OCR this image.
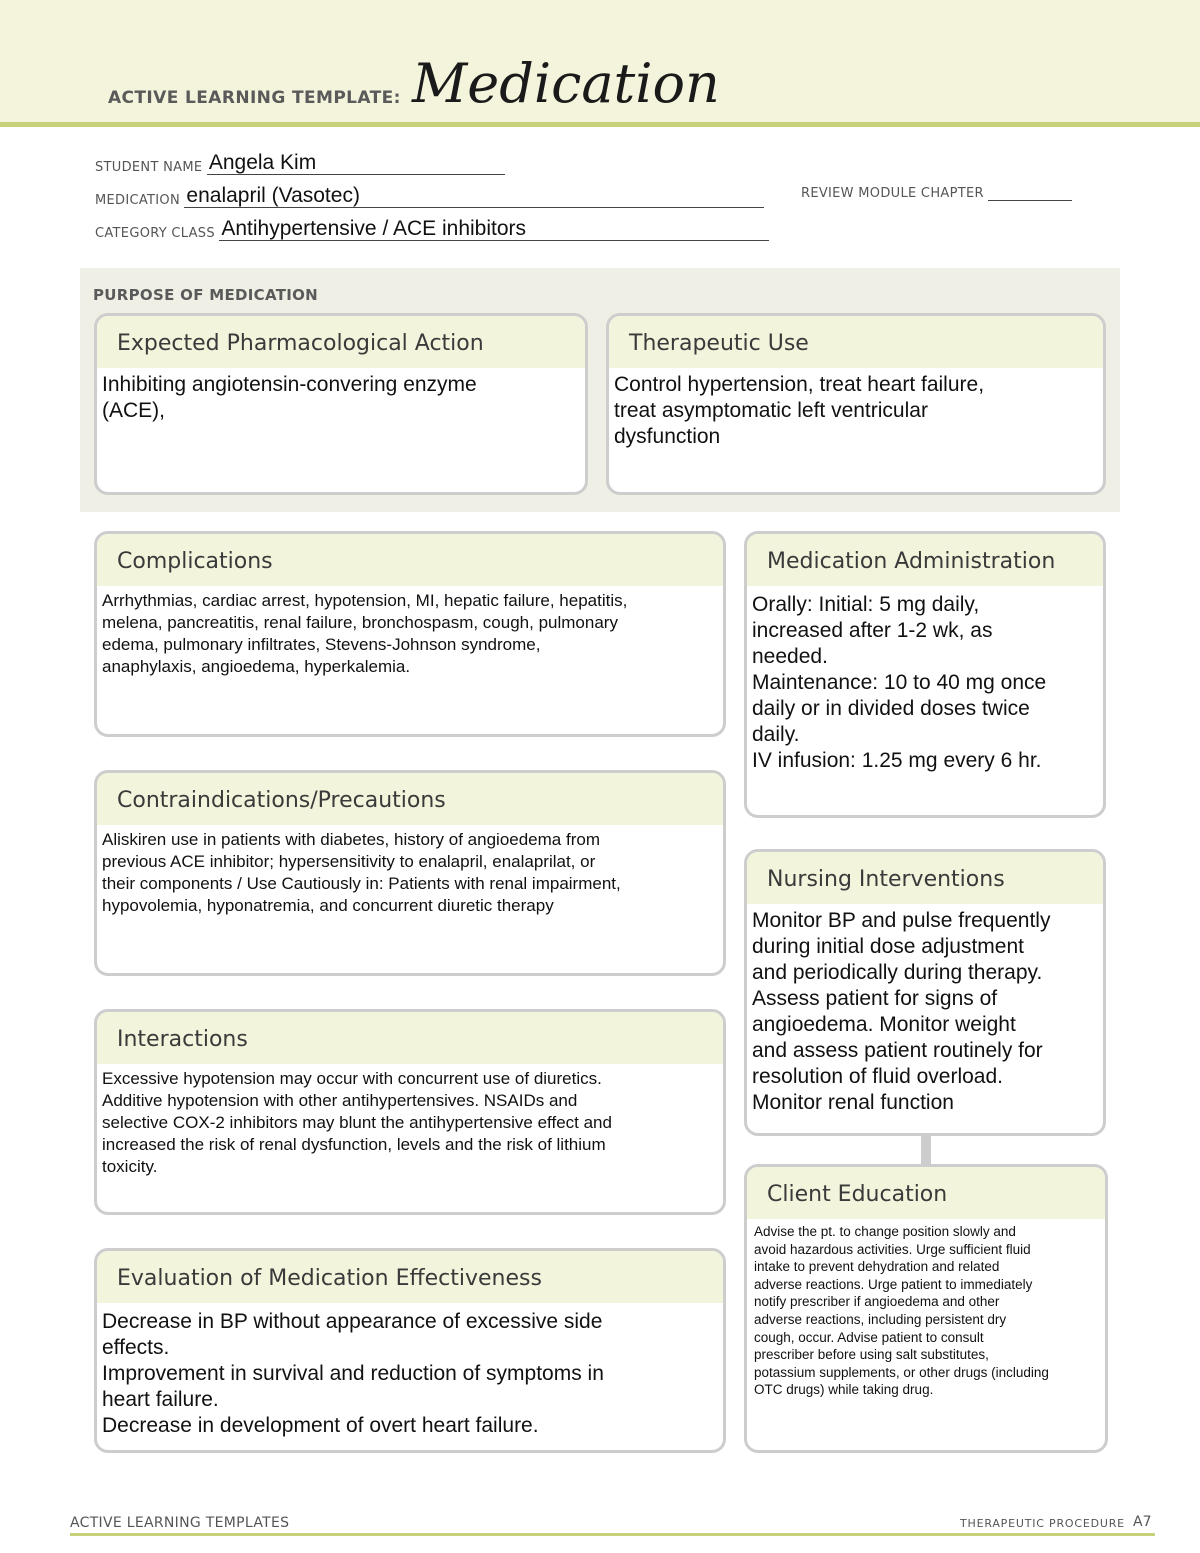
ACTIVE LEARNING TEMPLATE: Medication
STUDENT NAME Angela Kim
MEDICATION enalapril (Vasotec)	REVIEW MODULE CHAPTER
CATEGORY CLASS Antihypertensive / ACE inhibitors
PURPOSE OF MEDICATION
Expected Pharmacological Action

Inhibiting angiotensin-convering enzyme

(ACE),

Therapeutic Use

Control hypertension, treat heart failure,

treat asymptomatic left ventricular

dysfunction

Complications

Arrhythmias, cardiac arrest, hypotension, MI, hepatic failure, hepatitis,

melena, pancreatitis, renal failure, bronchospasm, cough, pulmonary

edema, pulmonary infiltrates, Stevens-Johnson syndrome,

anaphylaxis, angioedema, hyperkalemia.

Medication Administration

Orally: Initial: 5 mg daily,

increased after 1-2 wk, as

needed.

Maintenance: 10 to 40 mg once

daily or in divided doses twice

daily.

IV infusion: 1.25 mg every 6 hr.

Contraindications/Precautions

Aliskiren use in patients with diabetes, history of angioedema from

previous ACE inhibitor; hypersensitivity to enalapril, enalaprilat, or

their components / Use Cautiously in: Patients with renal impairment,

hypovolemia, hyponatremia, and concurrent diuretic therapy

Nursing Interventions

Monitor BP and pulse frequently

during initial dose adjustment

and periodically during therapy.

Assess patient for signs of

angioedema. Monitor weight

and assess patient routinely for

resolution of fluid overload.

Monitor renal function

Interactions

Excessive hypotension may occur with concurrent use of diuretics.

Additive hypotension with other antihypertensives. NSAIDs and

selective COX-2 inhibitors may blunt the antihypertensive effect and

increased the risk of renal dysfunction, levels and the risk of lithium

toxicity.

Client Education

Advise the pt. to change position slowly and

avoid hazardous activities. Urge sufficient fluid

intake to prevent dehydration and related

adverse reactions. Urge patient to immediately

notify prescriber if angioedema and other

adverse reactions, including persistent dry

cough, occur. Advise patient to consult

prescriber before using salt substitutes,

potassium supplements, or other drugs (including

OTC drugs) while taking drug.

Evaluation of Medication Effectiveness

Decrease in BP without appearance of excessive side

effects.

Improvement in survival and reduction of symptoms in

heart failure.

Decrease in development of overt heart failure.

ACTIVE LEARNING TEMPLATES	THERAPEUTIC PROCEDURE A7
